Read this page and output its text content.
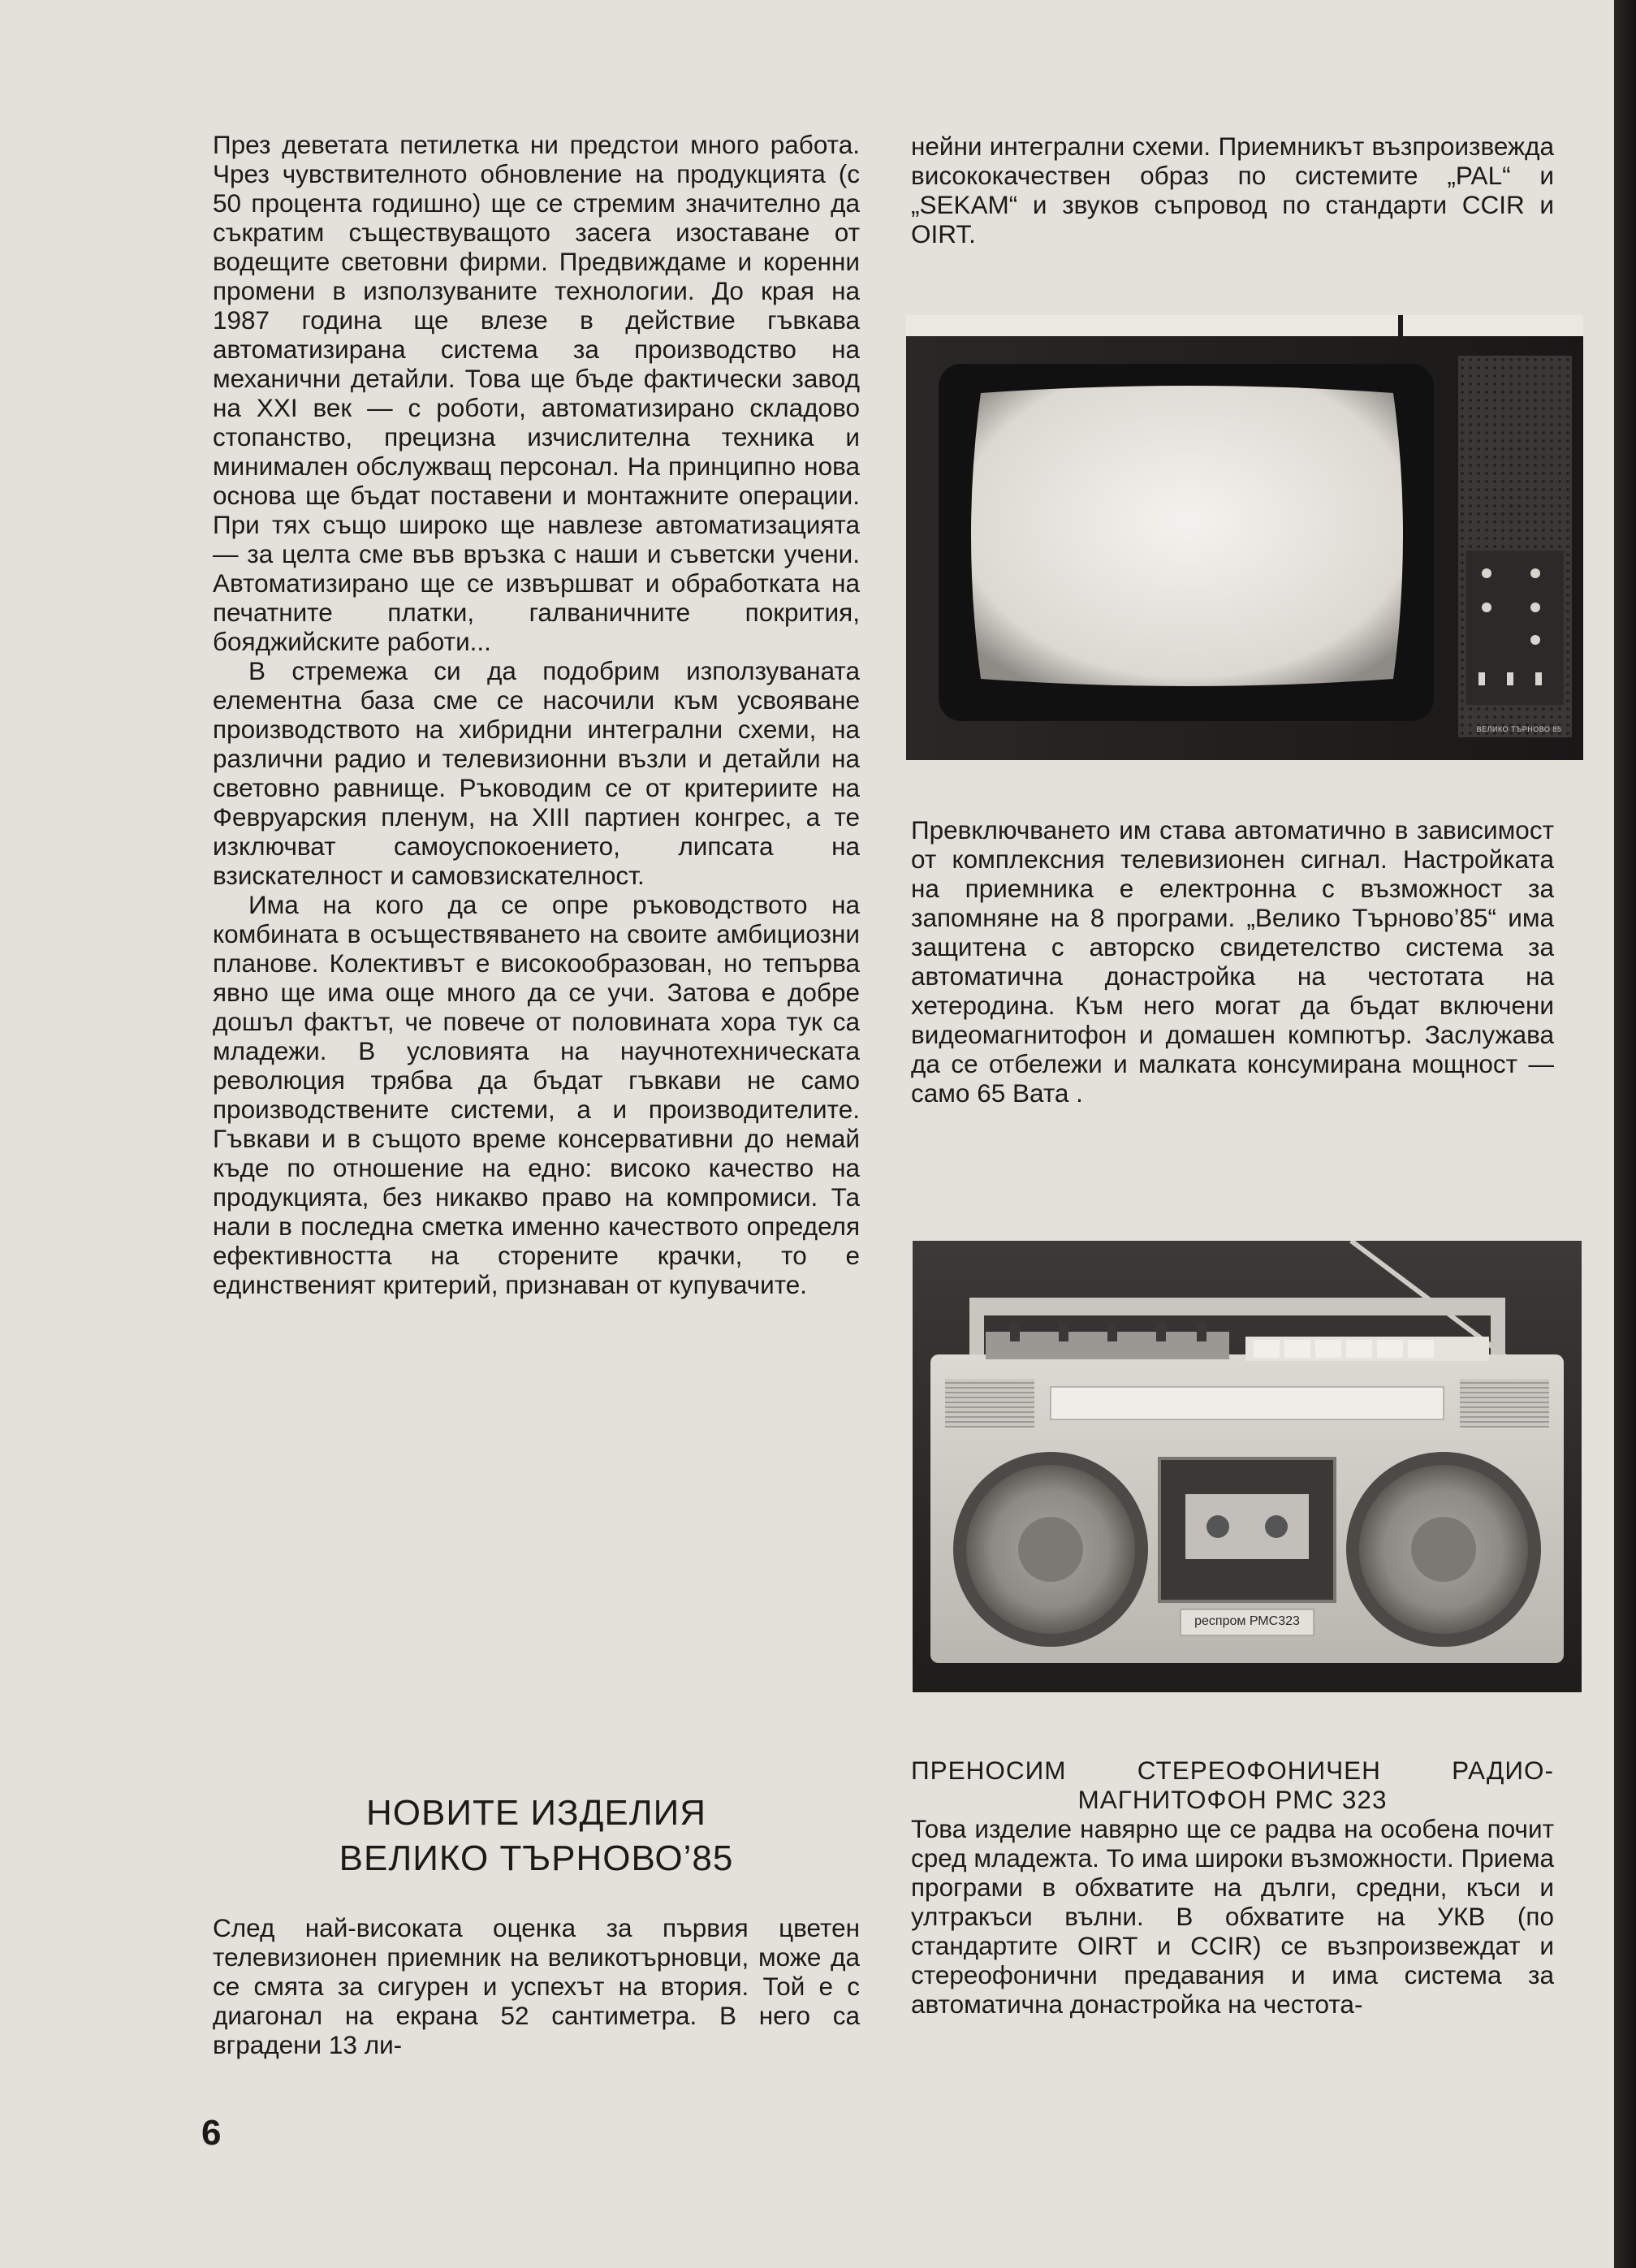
През деветата петилетка ни предстои много работа. Чрез чувствителното обновление на продукцията (с 50 процента годишно) ще се стремим значително да съкратим съществуващото засега изоставане от водещите световни фирми. Предвиждаме и коренни промени в използуваните технологии. До края на 1987 година ще влезе в действие гъвкава автоматизирана система за производство на механични детайли. Това ще бъде фактически завод на XXI век — с роботи, автоматизирано складово стопанство, прецизна изчислителна техника и минимален обслужващ персонал. На принципно нова основа ще бъдат поставени и монтажните операции. При тях също широко ще навлезе автоматизацията — за целта сме във връзка с наши и съветски учени. Автоматизирано ще се извършват и обработката на печатните платки, галваничните покрития, бояджийските работи...

В стремежа си да подобрим използуваната елементна база сме се насочили към усвояване производството на хибридни интегрални схеми, на различни радио и телевизионни възли и детайли на световно равнище. Ръководим се от критериите на Февруарския пленум, на XIII партиен конгрес, а те изключват самоуспокоението, липсата на взискателност и самовзискателност.

Има на кого да се опре ръководството на комбината в осъществяването на своите амбициозни планове. Колективът е високообразован, но тепърва явно ще има още много да се учи. Затова е добре дошъл фактът, че повече от половината хора тук са младежи. В условията на научнотехническата революция трябва да бъдат гъвкави не само производствените системи, а и производителите. Гъвкави и в същото време консервативни до немай къде по отношение на едно: високо качество на продукцията, без никакво право на компромиси. Та нали в последна сметка именно качеството определя ефективността на сторените крачки, то е единственият критерий, признаван от купувачите.

НОВИТЕ ИЗДЕЛИЯ
ВЕЛИКО ТЪРНОВО’85

След най-високата оценка за първия цветен телевизионен приемник на великотърновци, може да се смята за сигурен и успехът на втория. Той е с диагонал на екрана 52 сантиметра. В него са вградени 13 ли-

нейни интегрални схеми. Приемникът възпроизвежда висококачествен образ по системите „PAL“ и „SEKAM“ и звуков съпровод по стандарти CCIR и OIRT.

ВЕЛИКО ТЪРНОВО 85

Превключването им става автоматично в зависимост от комплексния телевизионен сигнал. Настройката на приемника е електронна с възможност за запомняне на 8 програми. „Велико Търново’85“ има защитена с авторско свидетелство система за автоматична донастройка на честотата на хетеродина. Към него могат да бъдат включени видеомагнитофон и домашен компютър. Заслужава да се отбележи и малката консумирана мощност — само 65 Вата .

респром РМС323
ПРЕНОСИМ СТЕРЕОФОНИЧЕН РАДИО-
МАГНИТОФОН РМС 323

Това изделие навярно ще се радва на особена почит сред младежта. То има широки възможности. Приема програми в обхватите на дълги, средни, къси и ултракъси вълни. В обхватите на УКВ (по стандартите OIRT и CCIR) се възпроизвеждат и стереофонични предавания и има система за автоматична донастройка на честота-

6
